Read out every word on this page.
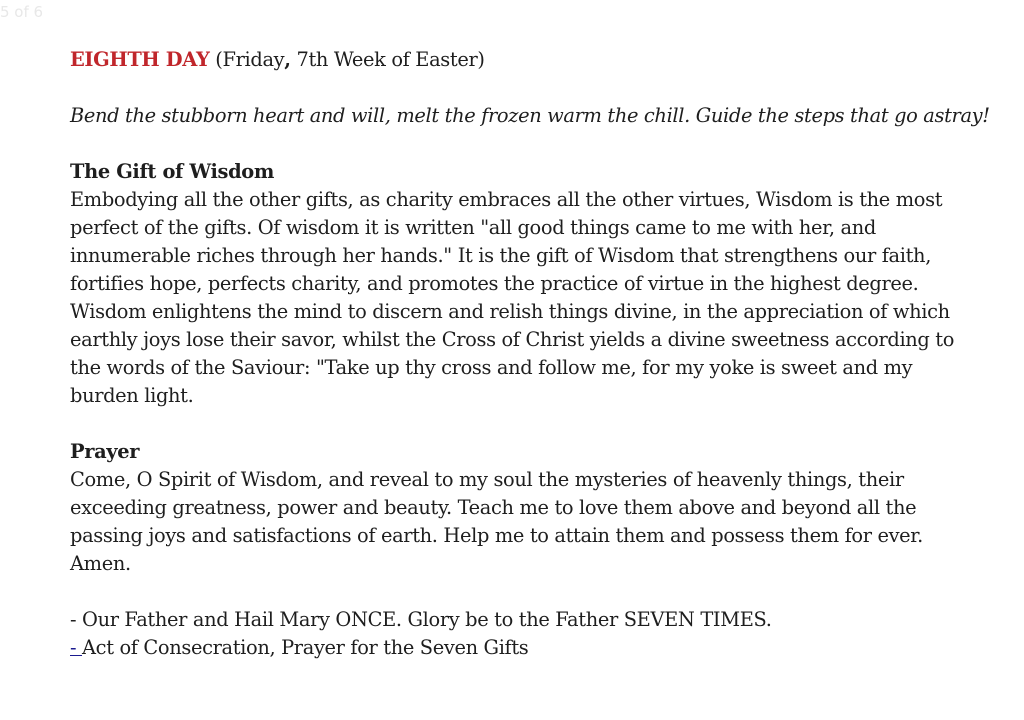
5 of 6

EIGHTH DAY (Friday, 7th Week of Easter)

Bend the stubborn heart and will, melt the frozen warm the chill. Guide the steps that go astray!

The Gift of Wisdom

Embodying all the other gifts, as charity embraces all the other virtues, Wisdom is the most perfect of the gifts. Of wisdom it is written "all good things came to me with her, and innumerable riches through her hands." It is the gift of Wisdom that strengthens our faith, fortifies hope, perfects charity, and promotes the practice of virtue in the highest degree. Wisdom enlightens the mind to discern and relish things divine, in the appreciation of which earthly joys lose their savor, whilst the Cross of Christ yields a divine sweetness according to the words of the Saviour: "Take up thy cross and follow me, for my yoke is sweet and my burden light.

Prayer

Come, O Spirit of Wisdom, and reveal to my soul the mysteries of heavenly things, their exceeding greatness, power and beauty. Teach me to love them above and beyond all the passing joys and satisfactions of earth. Help me to attain them and possess them for ever. Amen.

- Our Father and Hail Mary ONCE. Glory be to the Father SEVEN TIMES.

- Act of Consecration, Prayer for the Seven Gifts
